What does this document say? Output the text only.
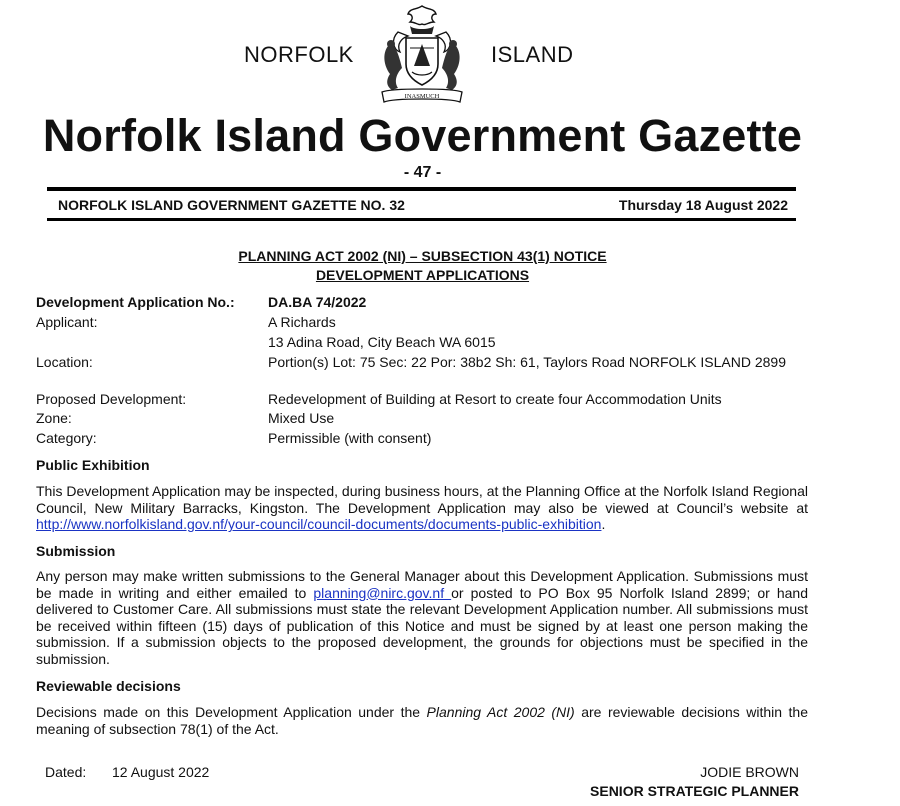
NORFOLK	ISLAND
INASMUCH
Norfolk Island Government Gazette
- 47 -
NORFOLK ISLAND GOVERNMENT GAZETTE NO. 32	Thursday 18 August 2022
PLANNING ACT 2002 (NI) – SUBSECTION 43(1) NOTICE
DEVELOPMENT APPLICATIONS
Development Application No.: DA.BA 74/2022
Applicant:	A Richards
13 Adina Road, City Beach WA 6015
Location:	Portion(s) Lot: 75 Sec: 22 Por: 38b2 Sh: 61, Taylors Road NORFOLK ISLAND 2899
Proposed Development:	Redevelopment of Building at Resort to create four Accommodation Units
Zone:	Mixed Use
Category:	Permissible (with consent)
Public Exhibition
This Development Application may be inspected, during business hours, at the Planning Office at the Norfolk Island Regional Council, New Military Barracks, Kingston. The Development Application may also be viewed at Council’s website at http://www.norfolkisland.gov.nf/your-council/council-documents/documents-public-exhibition.
Submission
Any person may make written submissions to the General Manager about this Development Application. Submissions must be made in writing and either emailed to planning@nirc.gov.nf or posted to PO Box 95 Norfolk Island 2899; or hand delivered to Customer Care. All submissions must state the relevant Development Application number. All submissions must be received within fifteen (15) days of publication of this Notice and must be signed by at least one person making the submission. If a submission objects to the proposed development, the grounds for objections must be specified in the submission.
Reviewable decisions
Decisions made on this Development Application under the Planning Act 2002 (NI) are reviewable decisions within the meaning of subsection 78(1) of the Act.
Dated: 12 August 2022	JODIE BROWN
SENIOR STRATEGIC PLANNER
